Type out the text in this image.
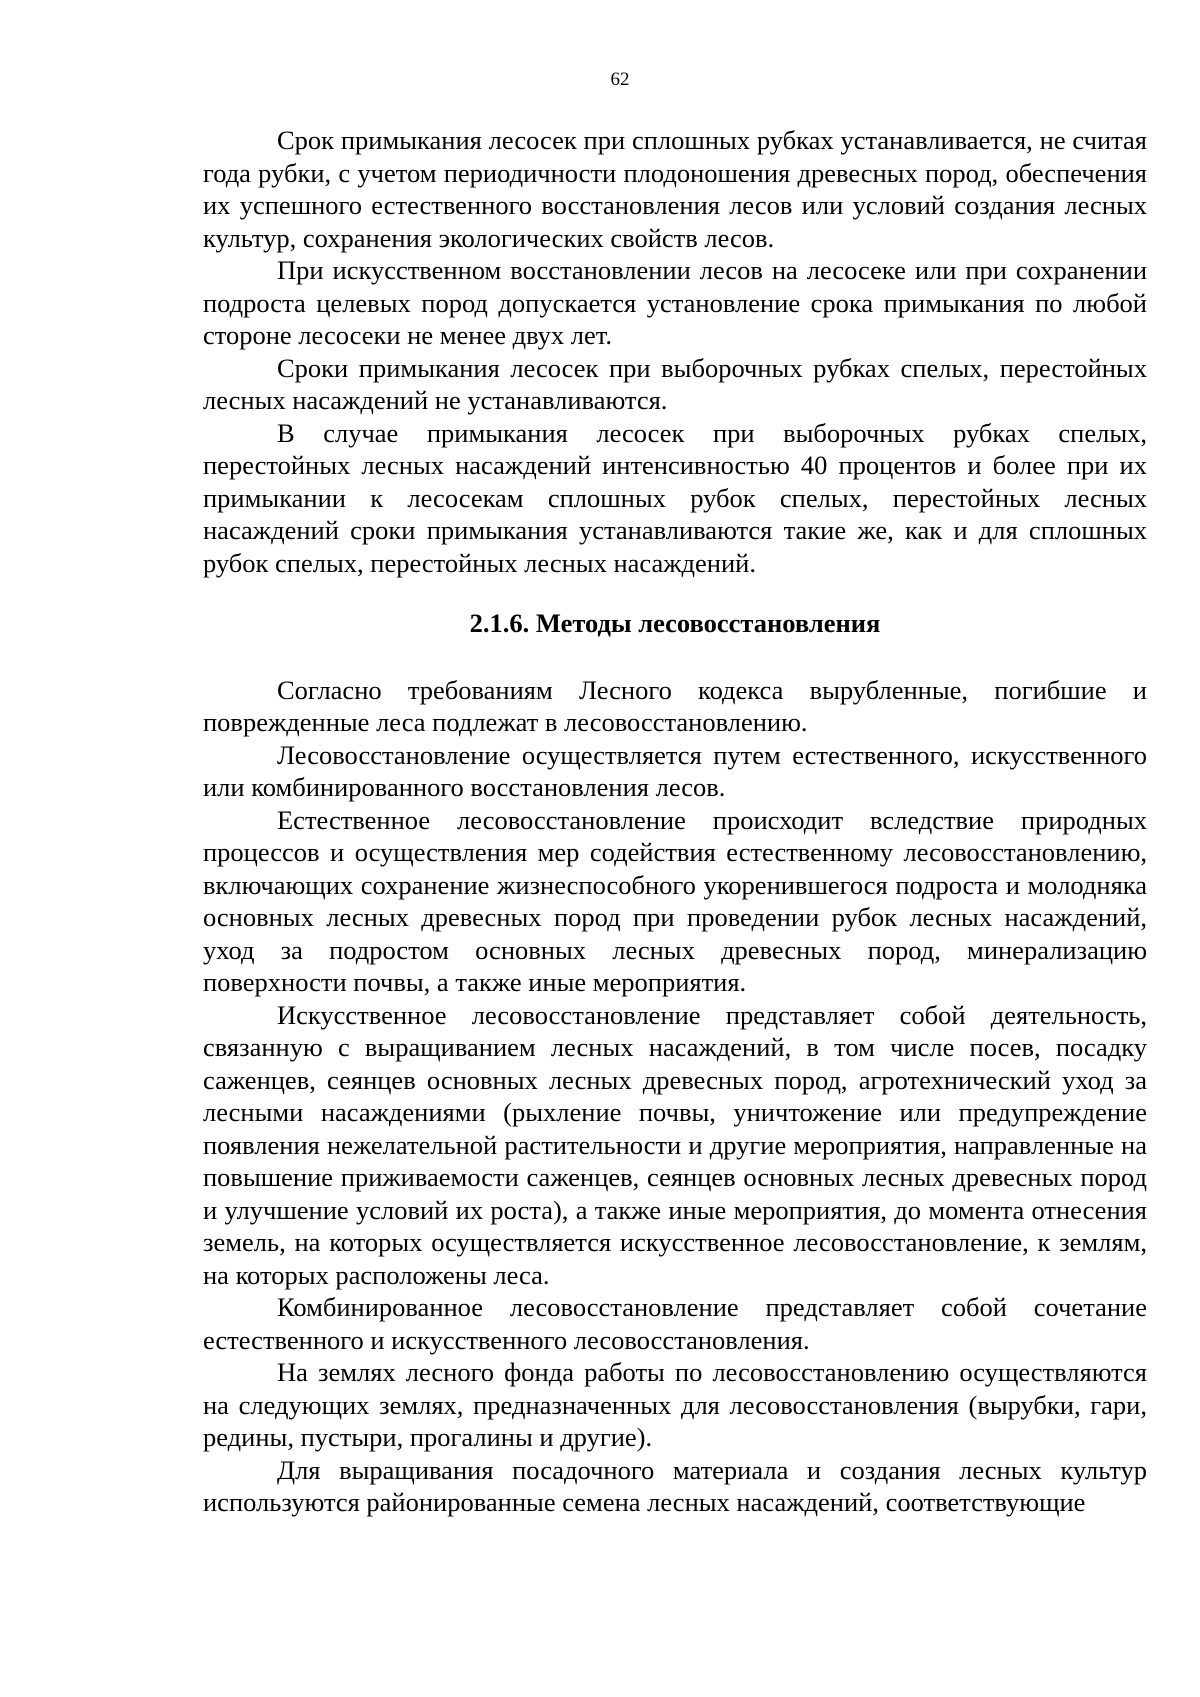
62

Срок примыкания лесосек при сплошных рубках устанавливается, не считая года рубки, с учетом периодичности плодоношения древесных пород, обеспечения их успешного естественного восстановления лесов или условий создания лесных культур, сохранения экологических свойств лесов.

При искусственном восстановлении лесов на лесосеке или при сохранении подроста целевых пород допускается установление срока примыкания по любой стороне лесосеки не менее двух лет.

Сроки примыкания лесосек при выборочных рубках спелых, перестойных лесных насаждений не устанавливаются.

В случае примыкания лесосек при выборочных рубках спелых, перестойных лесных насаждений интенсивностью 40 процентов и более при их примыкании к лесосекам сплошных рубок спелых, перестойных лесных насаждений сроки примыкания устанавливаются такие же, как и для сплошных рубок спелых, перестойных лесных насаждений.

2.1.6. Методы лесовосстановления

Согласно требованиям Лесного кодекса вырубленные, погибшие и поврежденные леса подлежат в лесовосстановлению.

Лесовосстановление осуществляется путем естественного, искусственного или комбинированного восстановления лесов.

Естественное лесовосстановление происходит вследствие природных процессов и осуществления мер содействия естественному лесовосстановлению, включающих сохранение жизнеспособного укоренившегося подроста и молодняка основных лесных древесных пород при проведении рубок лесных насаждений, уход за подростом основных лесных древесных пород, минерализацию поверхности почвы, а также иные мероприятия.

Искусственное лесовосстановление представляет собой деятельность, связанную с выращиванием лесных насаждений, в том числе посев, посадку саженцев, сеянцев основных лесных древесных пород, агротехнический уход за лесными насаждениями (рыхление почвы, уничтожение или предупреждение появления нежелательной растительности и другие мероприятия, направленные на повышение приживаемости саженцев, сеянцев основных лесных древесных пород и улучшение условий их роста), а также иные мероприятия, до момента отнесения земель, на которых осуществляется искусственное лесовосстановление, к землям, на которых расположены леса.

Комбинированное лесовосстановление представляет собой сочетание естественного и искусственного лесовосстановления.

На землях лесного фонда работы по лесовосстановлению осуществляются на следующих землях, предназначенных для лесовосстановления (вырубки, гари, редины, пустыри, прогалины и другие).

Для выращивания посадочного материала и создания лесных культур используются районированные семена лесных насаждений, соответствующие
